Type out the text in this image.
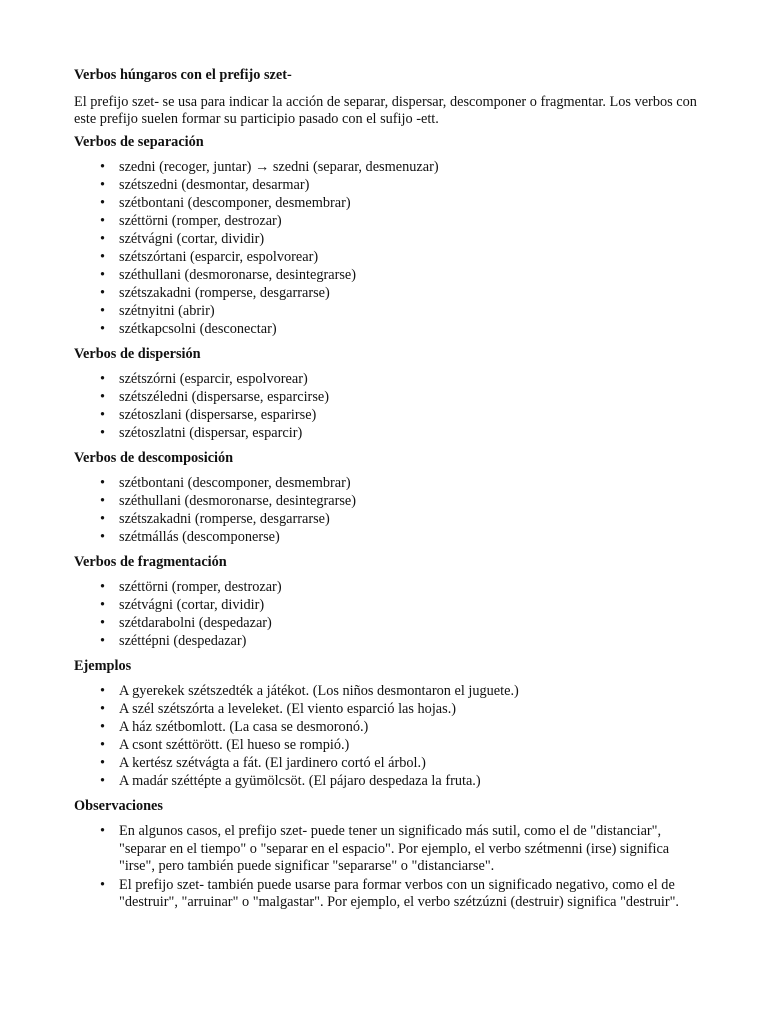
Verbos húngaros con el prefijo szet-
El prefijo szet- se usa para indicar la acción de separar, dispersar, descomponer o fragmentar. Los verbos con este prefijo suelen formar su participio pasado con el sufijo -ett.
Verbos de separación
• szedni (recoger, juntar) → szedni (separar, desmenuzar)
• szétszedni (desmontar, desarmar)
• szétbontani (descomponer, desmembrar)
• széttörni (romper, destrozar)
• szétvágni (cortar, dividir)
• szétszórtani (esparcir, espolvorear)
• széthullani (desmoronarse, desintegrarse)
• szétszakadni (romperse, desgarrarse)
• szétnyitni (abrir)
• szétkapcsolni (desconectar)
Verbos de dispersión
• szétszórni (esparcir, espolvorear)
• szétszéledni (dispersarse, esparcirse)
• szétoszlani (dispersarse, esparirse)
• szétoszlatni (dispersar, esparcir)
Verbos de descomposición
• szétbontani (descomponer, desmembrar)
• széthullani (desmoronarse, desintegrarse)
• szétszakadni (romperse, desgarrarse)
• szétmállás (descomponerse)
Verbos de fragmentación
• széttörni (romper, destrozar)
• szétvágni (cortar, dividir)
• szétdarabolni (despedazar)
• széttépni (despedazar)
Ejemplos
• A gyerekek szétszedték a játékot. (Los niños desmontaron el juguete.)
• A szél szétszórta a leveleket. (El viento esparció las hojas.)
• A ház szétbomlott. (La casa se desmoronó.)
• A csont széttörött. (El hueso se rompió.)
• A kertész szétvágta a fát. (El jardinero cortó el árbol.)
• A madár széttépte a gyümölcsöt. (El pájaro despedaza la fruta.)
Observaciones
• En algunos casos, el prefijo szet- puede tener un significado más sutil, como el de "distanciar", "separar en el tiempo" o "separar en el espacio". Por ejemplo, el verbo szétmenni (irse) significa "irse", pero también puede significar "separarse" o "distanciarse".
• El prefijo szet- también puede usarse para formar verbos con un significado negativo, como el de "destruir", "arruinar" o "malgastar". Por ejemplo, el verbo szétzúzni (destruir) significa "destruir".
